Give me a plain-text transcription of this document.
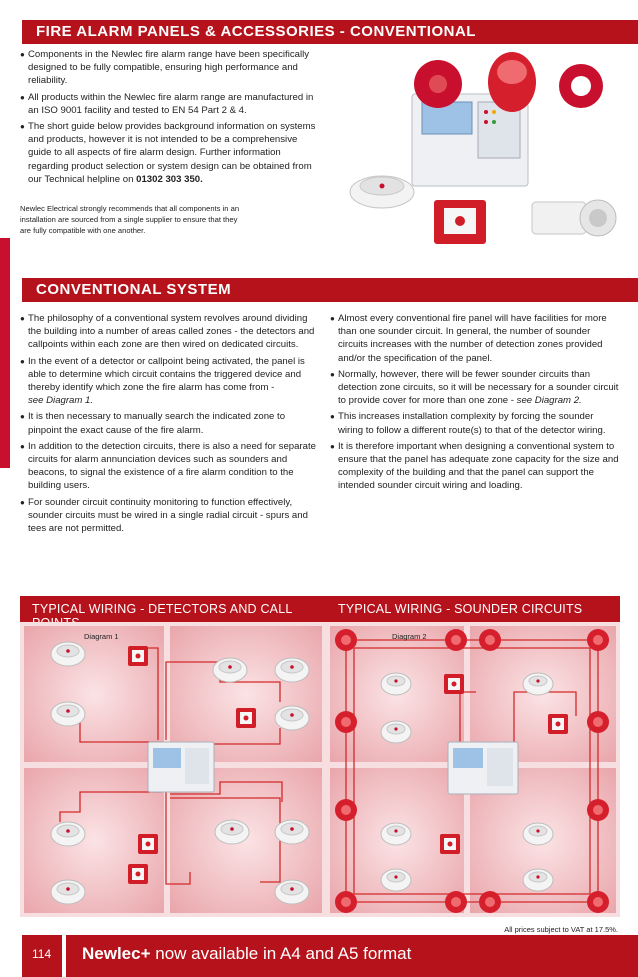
FIRE ALARM PANELS & ACCESSORIES - CONVENTIONAL
● Components in the Newlec fire alarm range have been specifically designed to be fully compatible, ensuring high performance and reliability.
● All products within the Newlec fire alarm range are manufactured in an ISO 9001 facility and tested to EN 54 Part 2 & 4.
● The short guide below provides background information on systems and products, however it is not intended to be a comprehensive guide to all aspects of fire alarm design. Further information regarding product selection or system design can be obtained from our Technical helpline on 01302 303 350.
Newlec Electrical strongly recommends that all components in an installation are sourced from a single supplier to ensure that they are fully compatible with one another.
CONVENTIONAL SYSTEM
● The philosophy of a conventional system revolves around dividing the building into a number of areas called zones - the detectors and callpoints within each zone are then wired on dedicated circuits.
● In the event of a detector or callpoint being activated, the panel is able to determine which circuit contains the triggered device and thereby identify which zone the fire alarm has come from -
see Diagram 1.
● It is then necessary to manually search the indicated zone to pinpoint the exact cause of the fire alarm.
● In addition to the detection circuits, there is also a need for separate circuits for alarm annunciation devices such as sounders and beacons, to signal the existence of a fire alarm condition to the building users.
● For sounder circuit continuity monitoring to function effectively, sounder circuits must be wired in a single radial circuit - spurs and tees are not permitted.
● Almost every conventional fire panel will have facilities for more than one sounder circuit. In general, the number of sounder circuits increases with the number of detection zones provided and/or the specification of the panel.
● Normally, however, there will be fewer sounder circuits than detection zone circuits, so it will be necessary for a sounder circuit to provide cover for more than one zone - see Diagram 2.
● This increases installation complexity by forcing the sounder wiring to follow a different route(s) to that of the detector wiring.
● It is therefore important when designing a conventional system to ensure that the panel has adequate zone capacity for the size and complexity of the building and that the panel can support the intended sounder circuit wiring and loading.
TYPICAL WIRING - DETECTORS AND CALL	TYPICAL WIRING - SOUNDER CIRCUITS
Diagram 1	Diagram 2
All prices subject to VAT at 17.5%.
114	Newlec+ now available in A4 and A5 format
